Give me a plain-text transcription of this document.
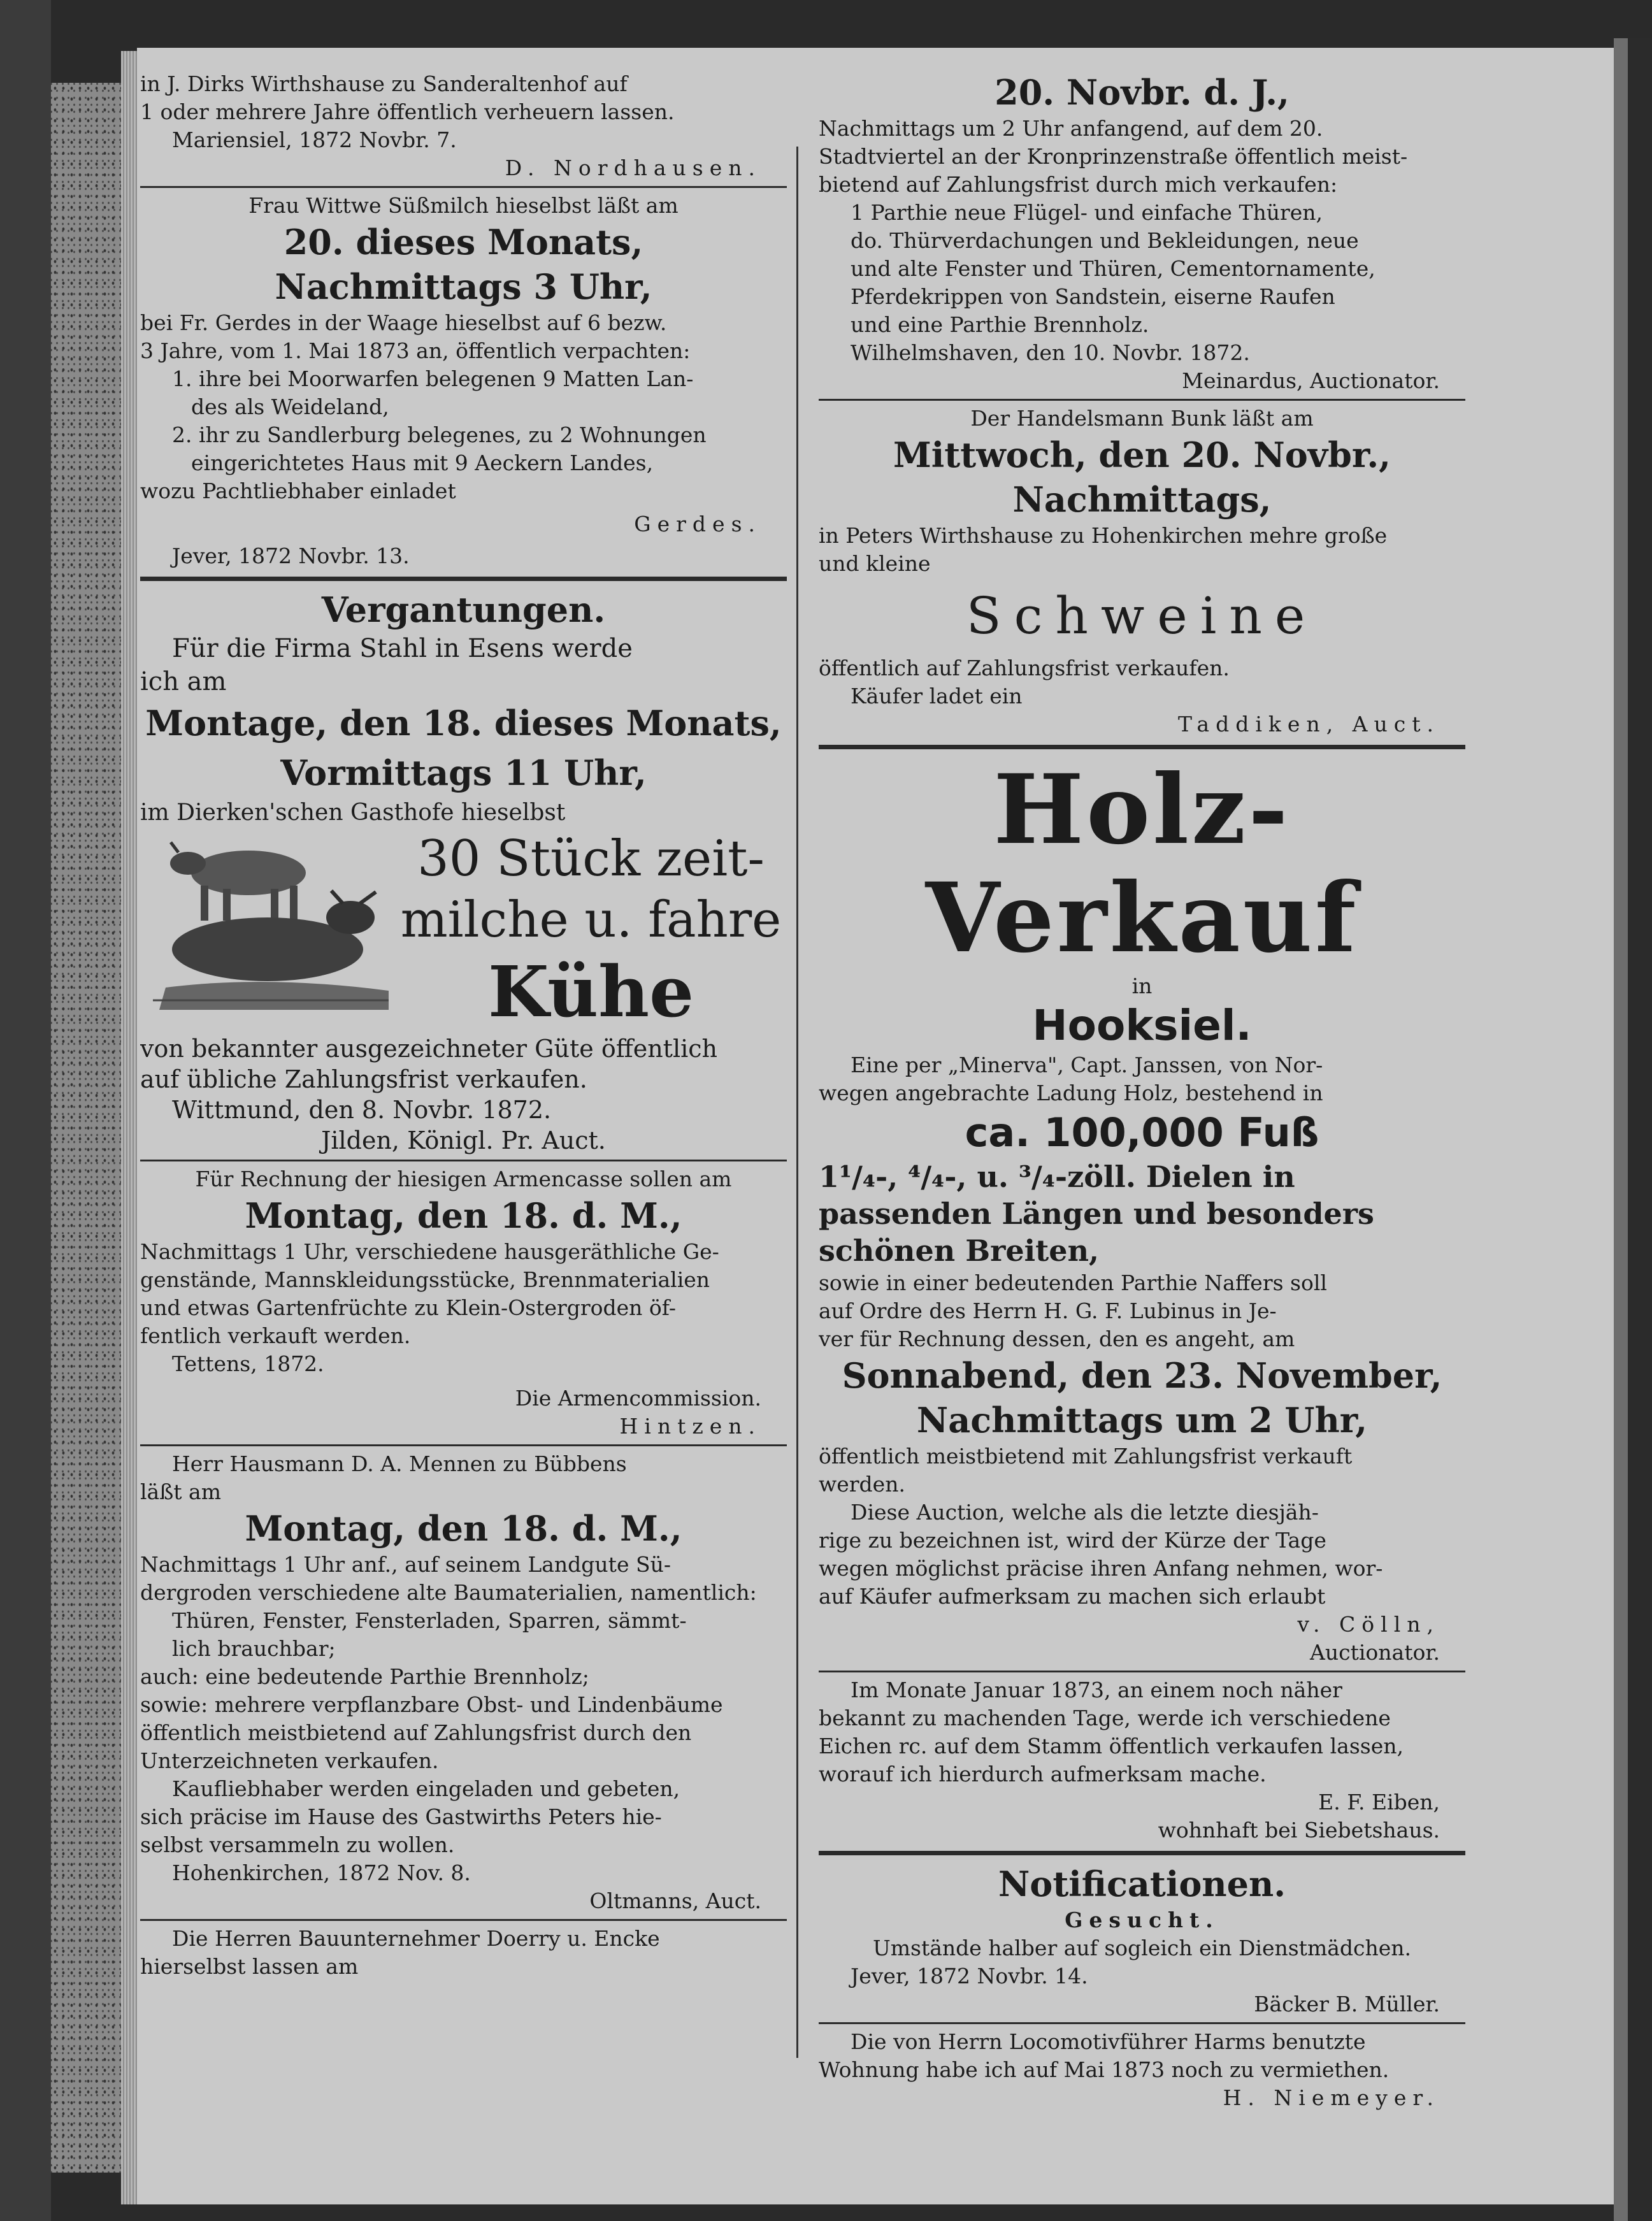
in J. Dirks Wirthshause zu Sanderaltenhof auf

1 oder mehrere Jahre öffentlich verheuern lassen.

Mariensiel, 1872 Novbr. 7.

D. Nordhausen.

Frau Wittwe Süßmilch hieselbst läßt am

20. dieses Monats,

Nachmittags 3 Uhr,

bei Fr. Gerdes in der Waage hieselbst auf 6 bezw.

3 Jahre, vom 1. Mai 1873 an, öffentlich verpachten:

1. ihre bei Moorwarfen belegenen 9 Matten Lan-

des als Weideland,

2. ihr zu Sandlerburg belegenes, zu 2 Wohnungen

eingerichtetes Haus mit 9 Aeckern Landes,

wozu Pachtliebhaber einladet

Gerdes.

Jever, 1872 Novbr. 13.

Vergantungen.

Für die Firma Stahl in Esens werde

ich am

Montage, den 18. dieses Monats,

Vormittags 11 Uhr,

im Dierken'schen Gasthofe hieselbst

30 Stück zeit-

milche u. fahre

Kühe

von bekannter ausgezeichneter Güte öffentlich

auf übliche Zahlungsfrist verkaufen.

Wittmund, den 8. Novbr. 1872.

Jilden, Königl. Pr. Auct.

Für Rechnung der hiesigen Armencasse sollen am

Montag, den 18. d. M.,

Nachmittags 1 Uhr, verschiedene hausgeräthliche Ge-

genstände, Mannskleidungsstücke, Brennmaterialien

und etwas Gartenfrüchte zu Klein-Ostergroden öf-

fentlich verkauft werden.

Tettens, 1872.

Die Armencommission.

Hintzen.

Herr Hausmann D. A. Mennen zu Bübbens

läßt am

Montag, den 18. d. M.,

Nachmittags 1 Uhr anf., auf seinem Landgute Sü-

dergroden verschiedene alte Baumaterialien, namentlich:

Thüren, Fenster, Fensterladen, Sparren, sämmt-

lich brauchbar;

auch: eine bedeutende Parthie Brennholz;

sowie: mehrere verpflanzbare Obst- und Lindenbäume

öffentlich meistbietend auf Zahlungsfrist durch den

Unterzeichneten verkaufen.

Kaufliebhaber werden eingeladen und gebeten,

sich präcise im Hause des Gastwirths Peters hie-

selbst versammeln zu wollen.

Hohenkirchen, 1872 Nov. 8.

Oltmanns, Auct.

Die Herren Bauunternehmer Doerry u. Encke

hierselbst lassen am

20. Novbr. d. J.,

Nachmittags um 2 Uhr anfangend, auf dem 20.

Stadtviertel an der Kronprinzenstraße öffentlich meist-

bietend auf Zahlungsfrist durch mich verkaufen:

1 Parthie neue Flügel- und einfache Thüren,

do. Thürverdachungen und Bekleidungen, neue

und alte Fenster und Thüren, Cementornamente,

Pferdekrippen von Sandstein, eiserne Raufen

und eine Parthie Brennholz.

Wilhelmshaven, den 10. Novbr. 1872.

Meinardus, Auctionator.

Der Handelsmann Bunk läßt am

Mittwoch, den 20. Novbr.,

Nachmittags,

in Peters Wirthshause zu Hohenkirchen mehre große

und kleine

Schweine

öffentlich auf Zahlungsfrist verkaufen.

Käufer ladet ein

Taddiken, Auct.

Holz-Verkauf

in

Hooksiel.

Eine per „Minerva", Capt. Janssen, von Nor-

wegen angebrachte Ladung Holz, bestehend in

ca. 100,000 Fuß

1¹/₄-, ⁴/₄-, u. ³/₄-zöll. Dielen in

passenden Längen und besonders

schönen Breiten,

sowie in einer bedeutenden Parthie Naffers soll

auf Ordre des Herrn H. G. F. Lubinus in Je-

ver für Rechnung dessen, den es angeht, am

Sonnabend, den 23. November,

Nachmittags um 2 Uhr,

öffentlich meistbietend mit Zahlungsfrist verkauft

werden.

Diese Auction, welche als die letzte diesjäh-

rige zu bezeichnen ist, wird der Kürze der Tage

wegen möglichst präcise ihren Anfang nehmen, wor-

auf Käufer aufmerksam zu machen sich erlaubt

v. Cölln,

Auctionator.

Im Monate Januar 1873, an einem noch näher

bekannt zu machenden Tage, werde ich verschiedene

Eichen rc. auf dem Stamm öffentlich verkaufen lassen,

worauf ich hierdurch aufmerksam mache.

E. F. Eiben,

wohnhaft bei Siebetshaus.

Notificationen.

Gesucht.

Umstände halber auf sogleich ein Dienstmädchen.

Jever, 1872 Novbr. 14.

Bäcker B. Müller.

Die von Herrn Locomotivführer Harms benutzte

Wohnung habe ich auf Mai 1873 noch zu vermiethen.

H. Niemeyer.
